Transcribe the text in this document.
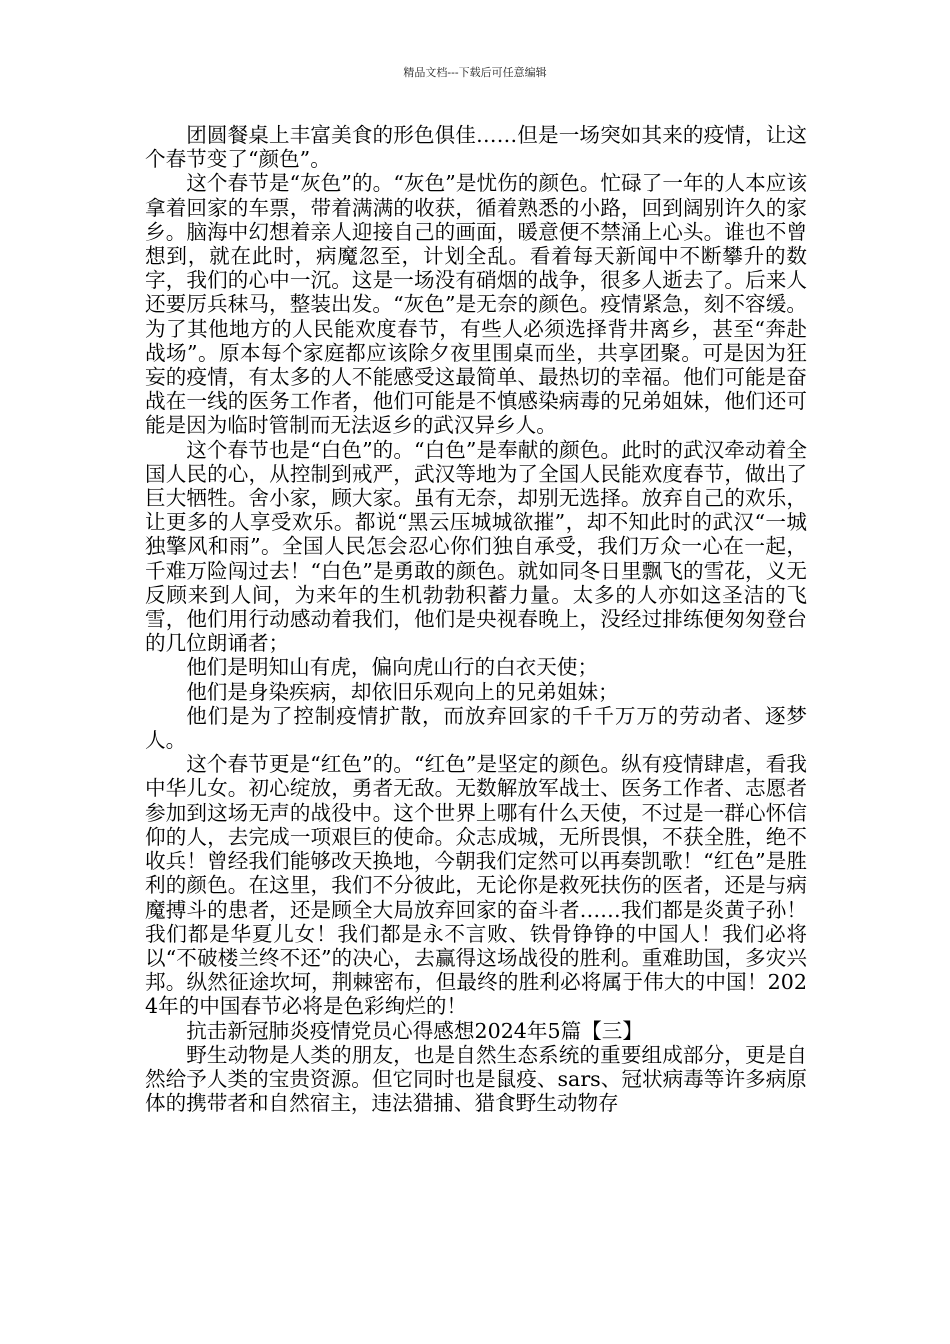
精品文档---下载后可任意编辑

团圆餐桌上丰富美食的形色俱佳……但是一场突如其来的疫情，让这个春节变了“颜色”。

这个春节是“灰色”的。“灰色”是忧伤的颜色。忙碌了一年的人本应该拿着回家的车票，带着满满的收获，循着熟悉的小路，回到阔别许久的家乡。脑海中幻想着亲人迎接自己的画面，暖意便不禁涌上心头。谁也不曾想到，就在此时，病魔忽至，计划全乱。看着每天新闻中不断攀升的数字，我们的心中一沉。这是一场没有硝烟的战争，很多人逝去了。后来人还要厉兵秣马，整装出发。“灰色”是无奈的颜色。疫情紧急，刻不容缓。为了其他地方的人民能欢度春节，有些人必须选择背井离乡，甚至“奔赴战场”。原本每个家庭都应该除夕夜里围桌而坐，共享团聚。可是因为狂妄的疫情，有太多的人不能感受这最简单、最热切的幸福。他们可能是奋战在一线的医务工作者，他们可能是不慎感染病毒的兄弟姐妹，他们还可能是因为临时管制而无法返乡的武汉异乡人。

这个春节也是“白色”的。“白色”是奉献的颜色。此时的武汉牵动着全国人民的心，从控制到戒严，武汉等地为了全国人民能欢度春节，做出了巨大牺牲。舍小家，顾大家。虽有无奈，却别无选择。放弃自己的欢乐，让更多的人享受欢乐。都说“黑云压城城欲摧”，却不知此时的武汉“一城独擎风和雨”。全国人民怎会忍心你们独自承受，我们万众一心在一起，千难万险闯过去！“白色”是勇敢的颜色。就如同冬日里飘飞的雪花，义无反顾来到人间，为来年的生机勃勃积蓄力量。太多的人亦如这圣洁的飞雪，他们用行动感动着我们，他们是央视春晚上，没经过排练便匆匆登台的几位朗诵者；

他们是明知山有虎，偏向虎山行的白衣天使；

他们是身染疾病，却依旧乐观向上的兄弟姐妹；

他们是为了控制疫情扩散，而放弃回家的千千万万的劳动者、逐梦人。

这个春节更是“红色”的。“红色”是坚定的颜色。纵有疫情肆虐，看我中华儿女。初心绽放，勇者无敌。无数解放军战士、医务工作者、志愿者参加到这场无声的战役中。这个世界上哪有什么天使，不过是一群心怀信仰的人，去完成一项艰巨的使命。众志成城，无所畏惧，不获全胜，绝不收兵！曾经我们能够改天换地，今朝我们定然可以再奏凯歌！“红色”是胜利的颜色。在这里，我们不分彼此，无论你是救死扶伤的医者，还是与病魔搏斗的患者，还是顾全大局放弃回家的奋斗者……我们都是炎黄子孙！我们都是华夏儿女！我们都是永不言败、铁骨铮铮的中国人！我们必将以“不破楼兰终不还”的决心，去赢得这场战役的胜利。重难助国，多灾兴邦。纵然征途坎坷，荆棘密布，但最终的胜利必将属于伟大的中国！2024年的中国春节必将是色彩绚烂的！

抗击新冠肺炎疫情党员心得感想2024年5篇【三】

野生动物是人类的朋友，也是自然生态系统的重要组成部分，更是自然给予人类的宝贵资源。但它同时也是鼠疫、sars、冠状病毒等许多病原体的携带者和自然宿主，违法猎捕、猎食野生动物存
